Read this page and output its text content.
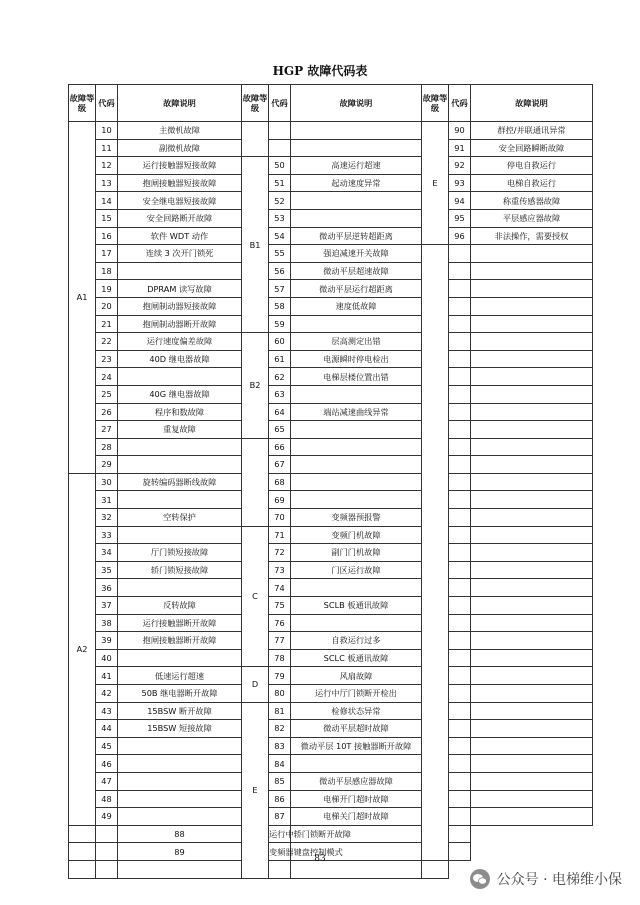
HGP 故障代码表
故障等级	代码	故障说明	故障等级	代码	故障说明	故障等级	代码	故障说明
A1	10	主微机故障				E	90	群控/并联通讯异常
	11	副微机故障					91	安全回路瞬断故障
	12	运行接触器短接故障	B1	50	高速运行超速		92	停电自救运行
	13	抱闸接触器短接故障		51	起动速度异常		93	电梯自救运行
	14	安全继电器短接故障		52			94	称重传感器故障
	15	安全回路断开故障		53			95	平层感应器故障
	16	软件 WDT 动作		54	微动平层逆转超距离		96	非法操作，需要授权
	17	连续 3 次开门锁死		55	强迫减速开关故障			
	18			56	微动平层超速故障			
	19	DPRAM 读写故障		57	微动平层运行超距离			
	20	抱闸制动器短接故障		58	速度低故障			
	21	抱闸制动器断开故障		59				
	22	运行速度偏差故障	B2	60	层高测定出错			
	23	40D 继电器故障		61	电源瞬时停电检出			
	24			62	电梯层楼位置出错			
	25	40G 继电器故障		63				
	26	程序和数故障		64	端站减速曲线异常			
	27	重复故障		65				
	28			66				
	29			67				
A2	30	旋转编码器断线故障		68				
	31			69				
	32	空转保护		70	变频器预报警			
	33		C	71	变频门机故障			
	34	厅门锁短接故障		72	副门门机故障			
	35	轿门锁短接故障		73	门区运行故障			
	36			74				
	37	反转故障		75	SCLB 板通讯故障			
	38	运行接触器断开故障		76				
	39	抱闸接触器断开故障		77	自救运行过多			
	40			78	SCLC 板通讯故障			
	41	低速运行超速	D	79	风扇故障			
	42	50B 继电器断开故障		80	运行中厅门锁断开检出			
	43	15BSW 断开故障	E	81	检修状态异常			
	44	15BSW 短接故障		82	微动平层超时故障			
	45			83	微动平层 10T 接触器断开故障			
	46			84				
	47			85	微动平层感应器故障			
	48			86	电梯开门超时故障			
	49			87	电梯关门超时故障			
		88		运行中轿门锁断开故障				
		89		变频器键盘控制模式				

83
公众号 · 电梯维小保
